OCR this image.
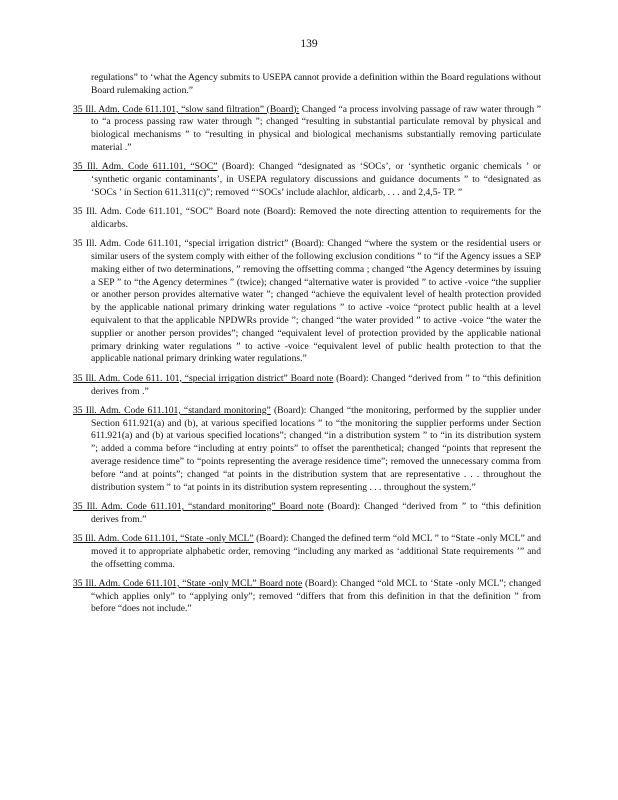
139

regulations” to ‘what the Agency submits to USEPA cannot provide a definition within the Board regulations without Board rulemaking action.”

35 Ill. Adm. Code 611.101, “slow sand filtration” (Board): Changed “a process involving passage of raw water through ” to “a process passing raw water through ”; changed “resulting in substantial particulate removal by physical and biological mechanisms ” to “resulting in physical and biological mechanisms substantially removing particulate material .”

35 Ill. Adm. Code 611.101, “SOC” (Board): Changed “designated as ‘SOCs’, or ‘synthetic organic chemicals ’ or ‘synthetic organic contaminants’, in USEPA regulatory discussions and guidance documents ” to “designated as ‘SOCs ’ in Section 611.311(c)”; removed “‘SOCs’ include alachlor, aldicarb, . . . and 2,4,5- TP. ”

35 Ill. Adm. Code 611.101, “SOC” Board note (Board): Removed the note directing attention to requirements for the aldicarbs.

35 Ill. Adm. Code 611.101, “special irrigation district” (Board): Changed “where the system or the residential users or similar users of the system comply with either of the following exclusion conditions ” to “if the Agency issues a SEP making either of two determinations, ” removing the offsetting comma ; changed “the Agency determines by issuing a SEP ” to “the Agency determines ” (twice); changed “alternative water is provided ” to active -voice “the supplier or another person provides alternative water ”; changed “achieve the equivalent level of health protection provided by the applicable national primary drinking water regulations ” to active -voice “protect public health at a level equivalent to that the applicable NPDWRs provide ”; changed “the water provided ” to active -voice “the water the supplier or another person provides”; changed “equivalent level of protection provided by the applicable national primary drinking water regulations ” to active -voice “equivalent level of public health protection to that the applicable national primary drinking water regulations.”

35 Ill. Adm. Code 611. 101, “special irrigation district” Board note (Board): Changed “derived from ” to “this definition derives from .”

35 Ill. Adm. Code 611.101, “standard monitoring” (Board): Changed “the monitoring, performed by the supplier under Section 611.921(a) and (b), at various specified locations ” to “the monitoring the supplier performs under Section 611.921(a) and (b) at various specified locations”; changed “in a distribution system ” to “in its distribution system ”; added a comma before “including at entry points” to offset the parenthetical; changed “points that represent the average residence time” to “points representing the average residence time”; removed the unnecessary comma from before “and at points”; changed “at points in the distribution system that are representative . . . throughout the distribution system ” to “at points in its distribution system representing . . . throughout the system.”

35 Ill. Adm. Code 611.101, “standard monitoring” Board note (Board): Changed “derived from ” to “this definition derives from.”

35 Ill. Adm. Code 611.101, “State -only MCL” (Board): Changed the defined term “old MCL ” to “State -only MCL” and moved it to appropriate alphabetic order, removing “including any marked as ‘additional State requirements ’” and the offsetting comma.

35 Ill. Adm. Code 611.101, “State -only MCL” Board note (Board): Changed “old MCL to ‘State -only MCL”; changed “which applies only” to “applying only”; removed “differs that from this definition in that the definition ” from before “does not include.”
